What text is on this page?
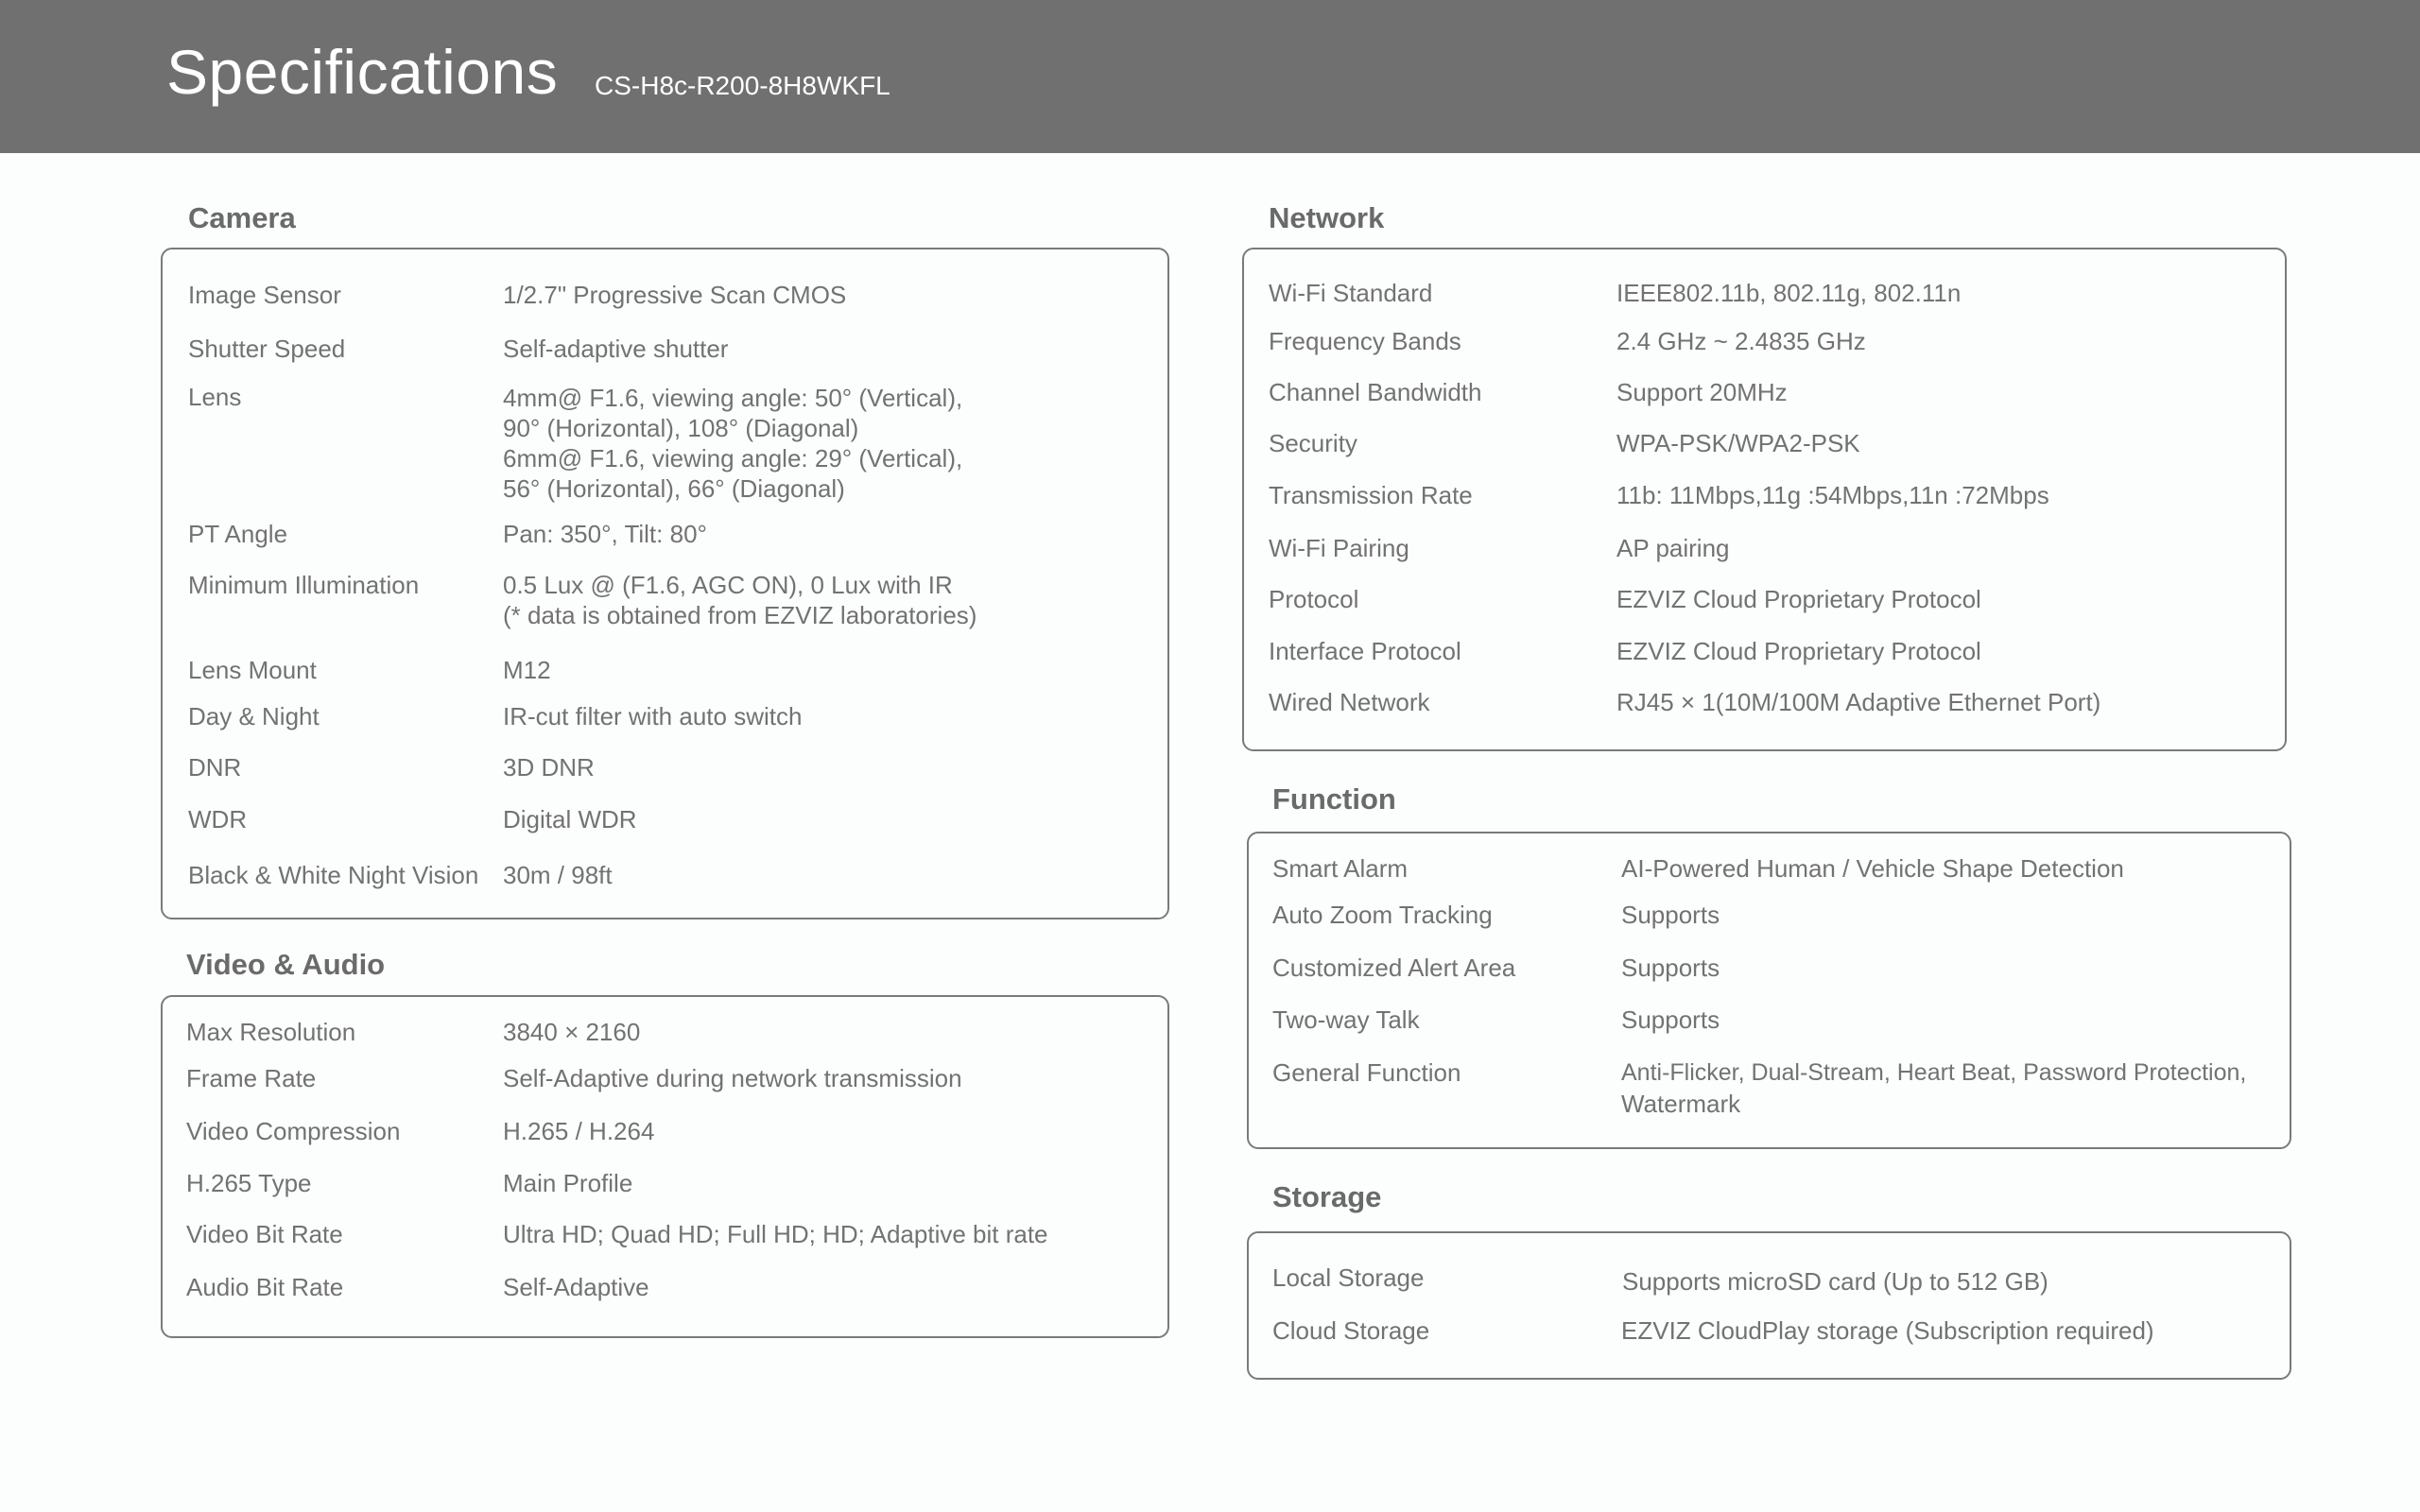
Specifications CS-H8c-R200-8H8WKFL
Camera
Image Sensor	1/2.7" Progressive Scan CMOS
Shutter Speed	Self-adaptive shutter
Lens	4mm@ F1.6, viewing angle: 50° (Vertical),
90° (Horizontal), 108° (Diagonal)
6mm@ F1.6, viewing angle: 29° (Vertical),
56° (Horizontal), 66° (Diagonal)
PT Angle	Pan: 350°, Tilt: 80°
Minimum Illumination	0.5 Lux @ (F1.6, AGC ON), 0 Lux with IR
(* data is obtained from EZVIZ laboratories)
Lens Mount	M12
Day & Night	IR-cut filter with auto switch
DNR	3D DNR
WDR	Digital WDR
Black & White Night Vision 30m / 98ft
Video & Audio
Max Resolution	3840 × 2160
Frame Rate	Self-Adaptive during network transmission
Video Compression	H.265 / H.264
H.265 Type	Main Profile
Video Bit Rate	Ultra HD; Quad HD; Full HD; HD; Adaptive bit rate
Audio Bit Rate	Self-Adaptive
Network
Wi-Fi Standard	IEEE802.11b, 802.11g, 802.11n
Frequency Bands	2.4 GHz ~ 2.4835 GHz
Channel Bandwidth	Support 20MHz
Security	WPA-PSK/WPA2-PSK
Transmission Rate	11b: 11Mbps,11g :54Mbps,11n :72Mbps
Wi-Fi Pairing	AP pairing
Protocol	EZVIZ Cloud Proprietary Protocol
Interface Protocol	EZVIZ Cloud Proprietary Protocol
Wired Network	RJ45 × 1(10M/100M Adaptive Ethernet Port)
Function
Smart Alarm	AI-Powered Human / Vehicle Shape Detection
Auto Zoom Tracking	Supports
Customized Alert Area	Supports
Two-way Talk	Supports
General Function	Anti-Flicker, Dual-Stream, Heart Beat, Password Protection,
Watermark
Storage
Local Storage	Supports microSD card (Up to 512 GB)
Cloud Storage	EZVIZ CloudPlay storage (Subscription required)
